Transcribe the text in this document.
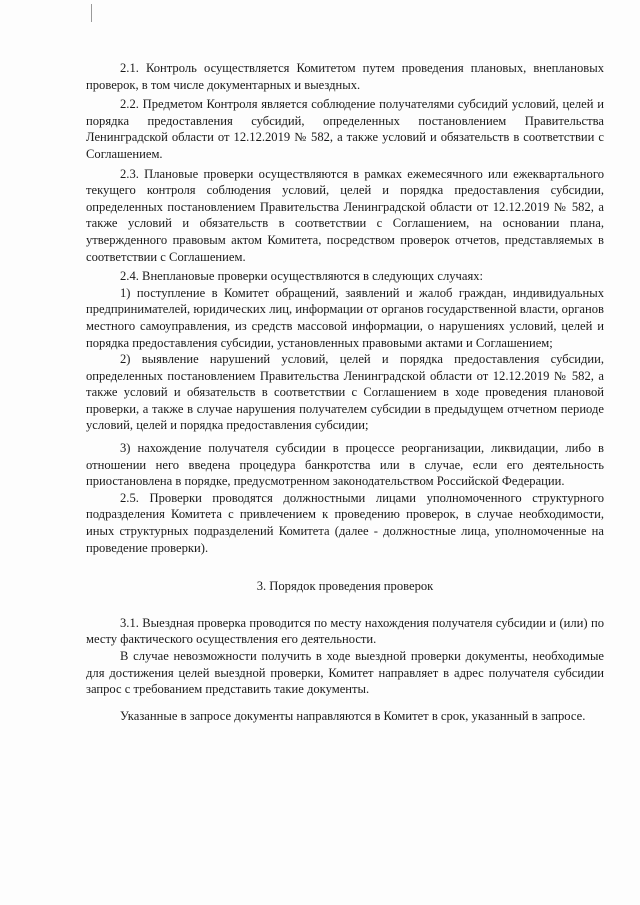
2.1. Контроль осуществляется Комитетом путем проведения плановых, внеплановых проверок, в том числе документарных и выездных.

2.2. Предметом Контроля является соблюдение получателями субсидий условий, целей и порядка предоставления субсидий, определенных постановлением Правительства Ленинградской области от 12.12.2019 № 582, а также условий и обязательств в соответствии с Соглашением.

2.3. Плановые проверки осуществляются в рамках ежемесячного или ежеквартального текущего контроля соблюдения условий, целей и порядка предоставления субсидии, определенных постановлением Правительства Ленинградской области от 12.12.2019 № 582, а также условий и обязательств в соответствии с Соглашением, на основании плана, утвержденного правовым актом Комитета, посредством проверок отчетов, представляемых в соответствии с Соглашением.

2.4. Внеплановые проверки осуществляются в следующих случаях:

1) поступление в Комитет обращений, заявлений и жалоб граждан, индивидуальных предпринимателей, юридических лиц, информации от органов государственной власти, органов местного самоуправления, из средств массовой информации, о нарушениях условий, целей и порядка предоставления субсидии, установленных правовыми актами и Соглашением;

2) выявление нарушений условий, целей и порядка предоставления субсидии, определенных постановлением Правительства Ленинградской области от 12.12.2019 № 582, а также условий и обязательств в соответствии с Соглашением в ходе проведения плановой проверки, а также в случае нарушения получателем субсидии в предыдущем отчетном периоде условий, целей и порядка предоставления субсидии;

3) нахождение получателя субсидии в процессе реорганизации, ликвидации, либо в отношении него введена процедура банкротства или в случае, если его деятельность приостановлена в порядке, предусмотренном законодательством Российской Федерации.

2.5. Проверки проводятся должностными лицами уполномоченного структурного подразделения Комитета с привлечением к проведению проверок, в случае необходимости, иных структурных подразделений Комитета (далее - должностные лица, уполномоченные на проведение проверки).

3. Порядок проведения проверок

3.1. Выездная проверка проводится по месту нахождения получателя субсидии и (или) по месту фактического осуществления его деятельности.

В случае невозможности получить в ходе выездной проверки документы, необходимые для достижения целей выездной проверки, Комитет направляет в адрес получателя субсидии запрос с требованием представить такие документы.

Указанные в запросе документы направляются в Комитет в срок, указанный в запросе.
